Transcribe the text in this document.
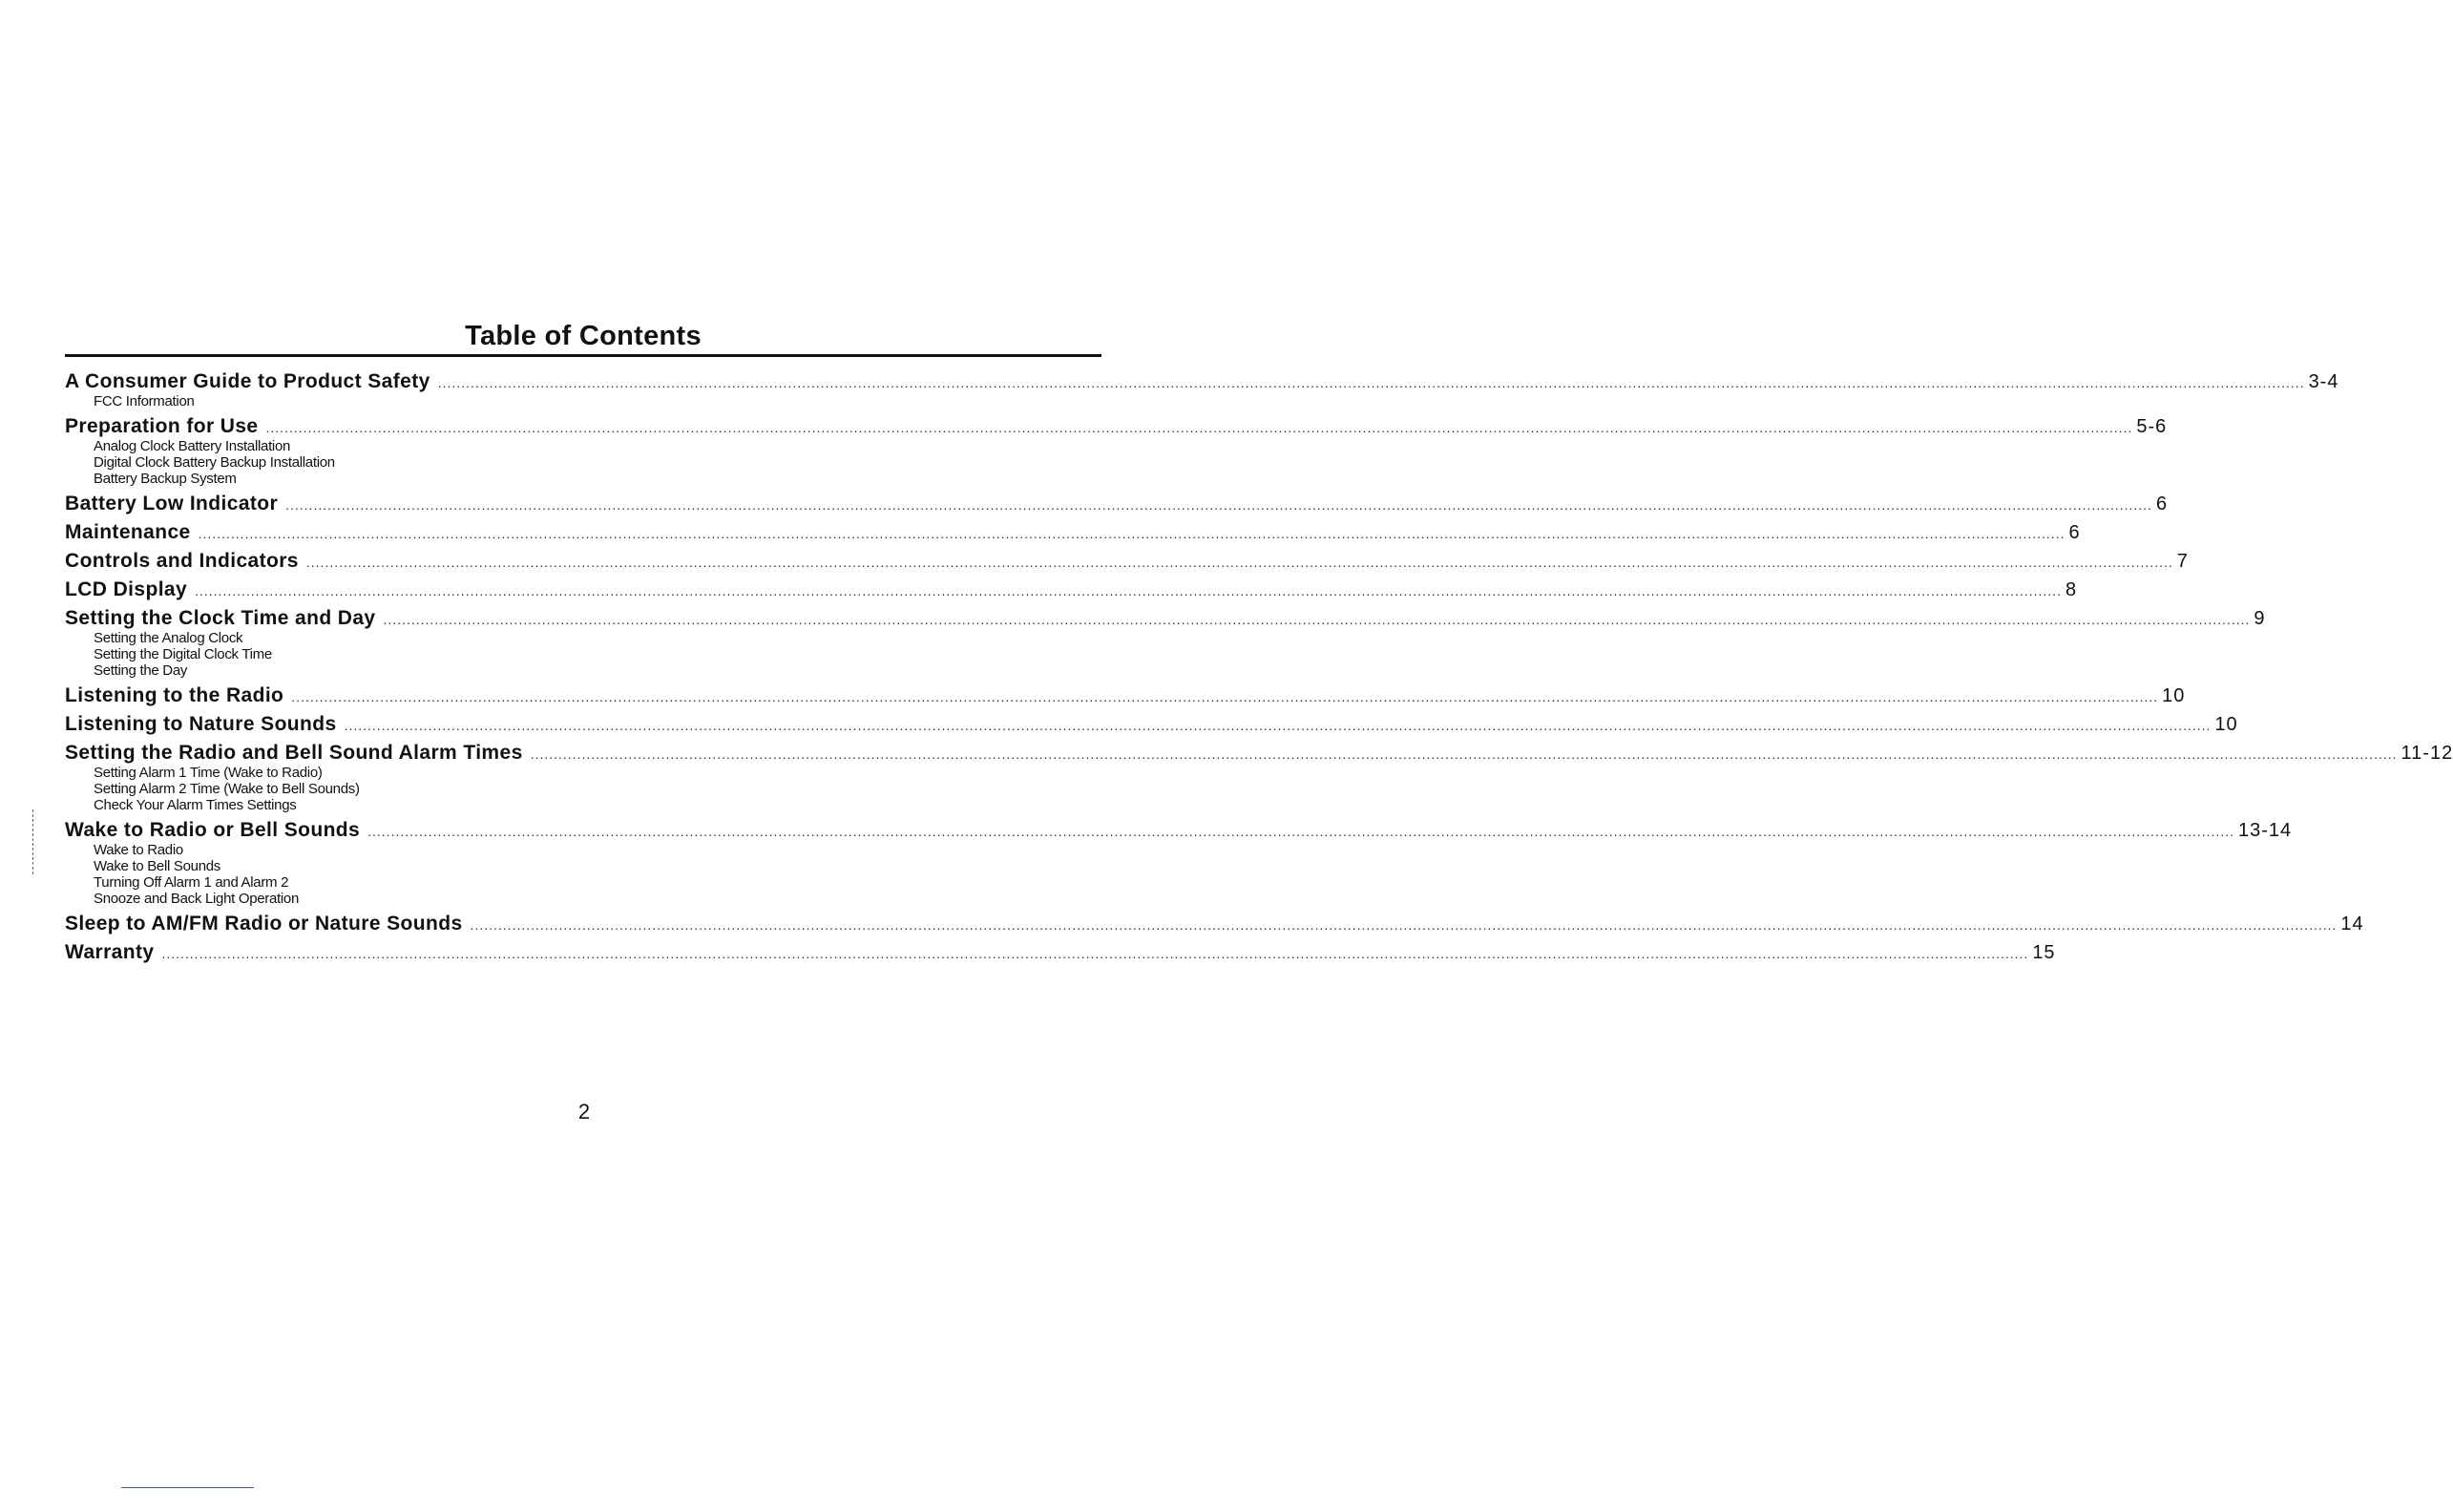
Table of Contents
A Consumer Guide to Product Safety ................................................................................................................................................................................................................................................................................................................................................................................................................ 3-4
FCC Information
Preparation for Use ................................................................................................................................................................................................................................................................................................................................................................................................................ 5-6
Analog Clock Battery Installation
Digital Clock Battery Backup Installation
Battery Backup System
Battery Low Indicator ................................................................................................................................................................................................................................................................................................................................................................................................................ 6
Maintenance ................................................................................................................................................................................................................................................................................................................................................................................................................ 6
Controls and Indicators ................................................................................................................................................................................................................................................................................................................................................................................................................ 7
LCD Display ................................................................................................................................................................................................................................................................................................................................................................................................................ 8
Setting the Clock Time and Day ................................................................................................................................................................................................................................................................................................................................................................................................................ 9
Setting the Analog Clock
Setting the Digital Clock Time
Setting the Day
Listening to the Radio ................................................................................................................................................................................................................................................................................................................................................................................................................ 10
Listening to Nature Sounds ................................................................................................................................................................................................................................................................................................................................................................................................................ 10
Setting the Radio and Bell Sound Alarm Times ................................................................................................................................................................................................................................................................................................................................................................................................................ 11-12
Setting Alarm 1 Time (Wake to Radio)
Setting Alarm 2 Time (Wake to Bell Sounds)
Check Your Alarm Times Settings
Wake to Radio or Bell Sounds ................................................................................................................................................................................................................................................................................................................................................................................................................ 13-14
Wake to Radio
Wake to Bell Sounds
Turning Off Alarm 1 and Alarm 2
Snooze and Back Light Operation
Sleep to AM/FM Radio or Nature Sounds ................................................................................................................................................................................................................................................................................................................................................................................................................ 14
Warranty ................................................................................................................................................................................................................................................................................................................................................................................................................ 15
2
